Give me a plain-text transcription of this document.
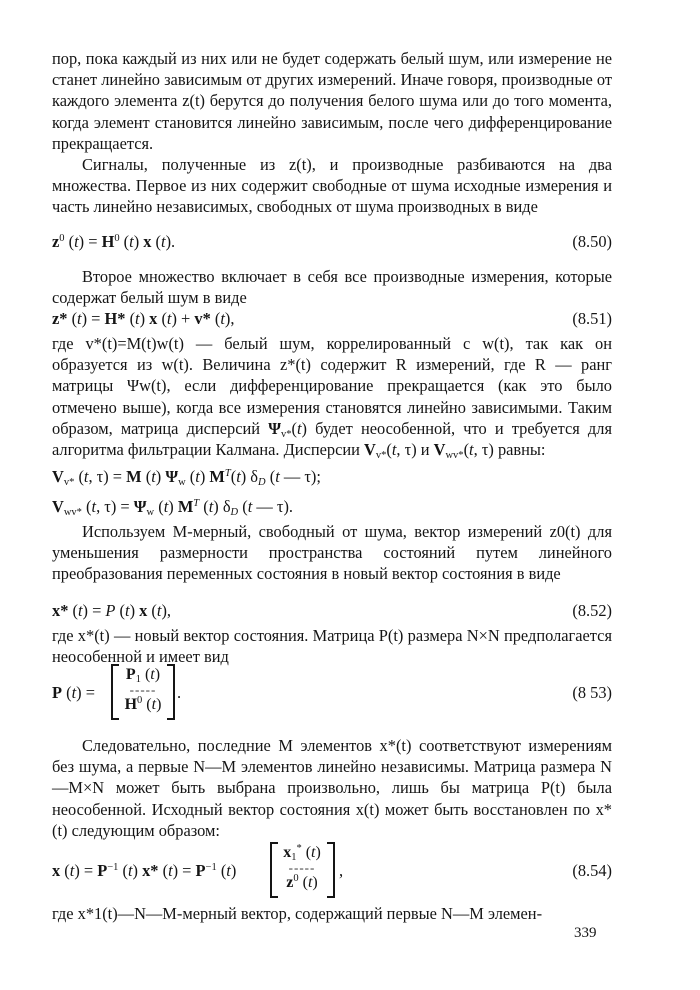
пор, пока каждый из них или не будет содержать белый шум, или измерение не станет линейно зависимым от других измерений. Иначе говоря, производные от каждого элемента z(t) берутся до получения белого шума или до того момента, когда элемент становится линейно зависимым, после чего дифференцирование прекращается.

Сигналы, полученные из z(t), и производные разбиваются на два множества. Первое из них содержит свободные от шума исходные измерения и часть линейно независимых, свободных от шума производных в виде

$z^0$ $(t) = H^0$ (t) x (t).	(8.50)

Второе множество включает в себя все производные измерения, которые содержат белый шум в виде

z* (t) = H* (t) x (t) + v* (t),	(8.51)

где v*(t)=M(t)w(t) — белый шум, коррелированный с w(t), так как он образуется из w(t). Величина z*(t) содержит R измерений, где R — ранг матрицы Ψw(t), если дифференцирование прекращается (как это было отмечено выше), когда все измерения становятся линейно зависимыми. Таким образом, матрица дисперсий $\Psi_{v*}(t)$ будет неособенной, что и требуется для алгоритма фильтрации Калмана. Дисперсии $V_{v*}(t$, τ) и $V_{wv*}(t$, τ) равны:

$V_{v*}$ (t, τ) = M (t) $\Psi_w$ (t) $M^T(t)$ $\delta_D$ (t — τ);
$V_{wv*}$ (t, $\tau) = \Psi_w$ (t) $M^T$ (t) $\delta_D$ (t — τ).

Используем M-мерный, свободный от шума, вектор измерений z0(t) для уменьшения размерности пространства состояний путем линейного преобразования переменных состояния в новый вектор состояния в виде

x* (t) = P (t) x (t),	(8.52)

где x*(t) — новый вектор состояния. Матрица P(t) размера N×N предполагается неособенной и имеет вид

P (t) =
$P_1$ (t)
-----
$H^0$ (t)
.	(8 53)

Следовательно, последние M элементов x*(t) соответствуют измерениям без шума, а первые N—M элементов линейно независимы. Матрица размера N—M×N может быть выбрана произвольно, лишь бы матрица P(t) была неособенной. Исходный вектор состояния x(t) может быть восстановлен по x*(t) следующим образом:

x $(t) = P^{-1}$ (t) x* $(t) = P^{-1}$ (t)
$x_1^*$ (t)
-----
$z^0$ (t)
,	(8.54)

где x*1(t)—N—M-мерный вектор, содержащий первые N—M элемен-

339
